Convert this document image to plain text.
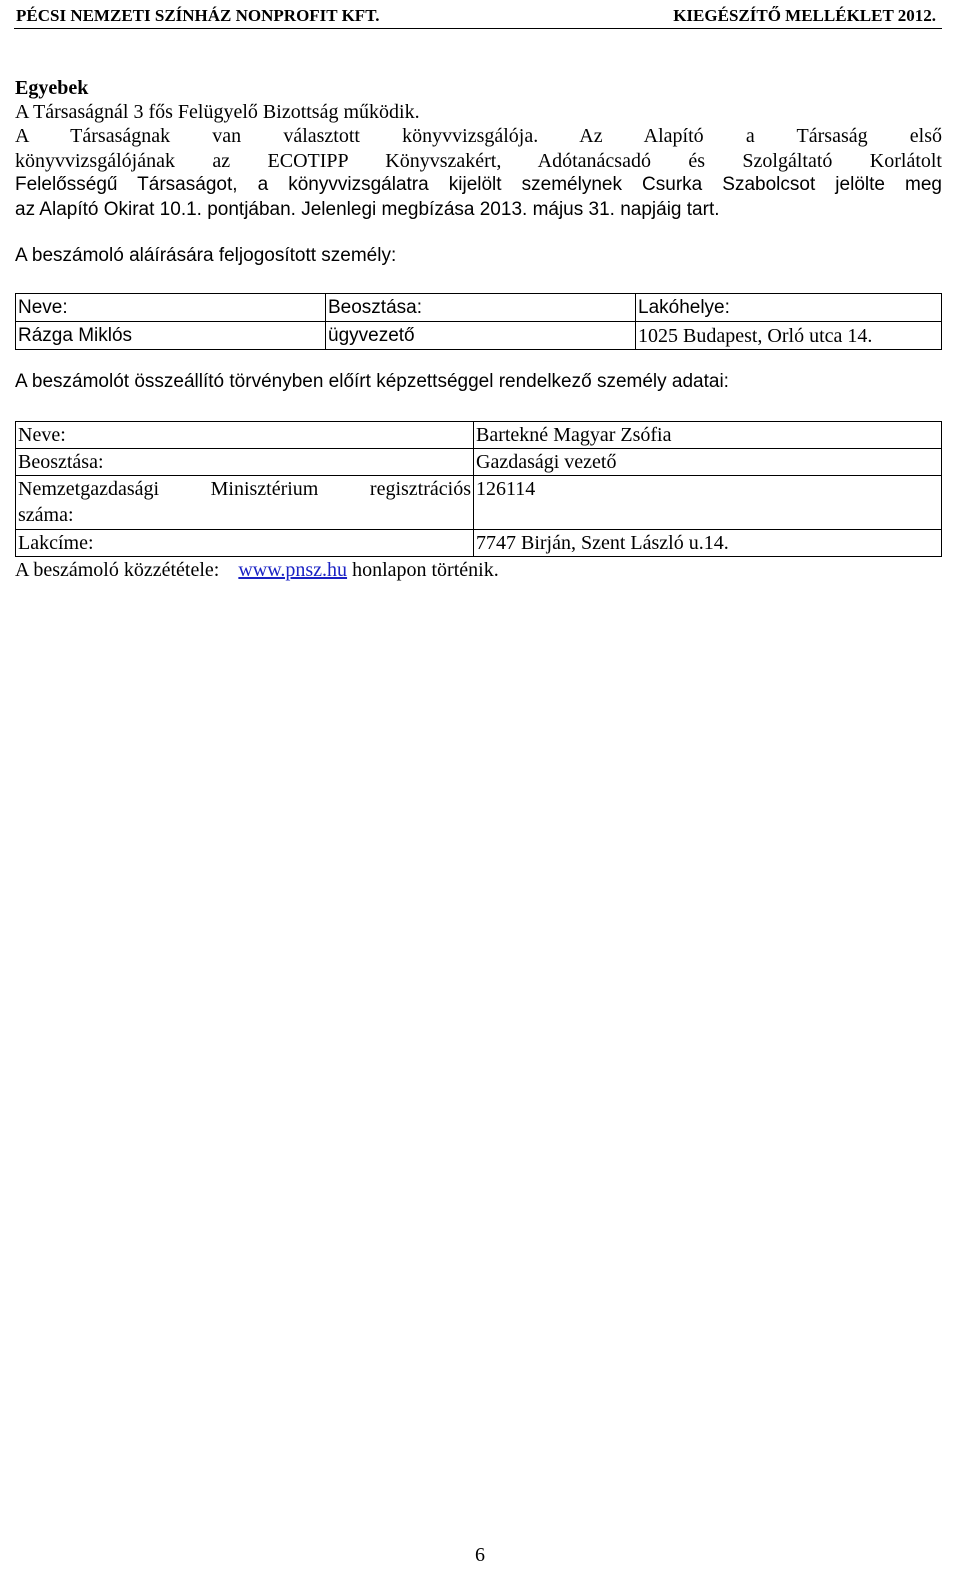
PÉCSI NEMZETI SZÍNHÁZ NONPROFIT KFT.	KIEGÉSZÍTŐ MELLÉKLET 2012.
Egyebek
A Társaságnál 3 fős Felügyelő Bizottság működik.
A Társaságnak van választott könyvvizsgálója. Az Alapító a Társaság első
könyvvizsgálójának az ECOTIPP Könyvszakért, Adótanácsadó és Szolgáltató Korlátolt
Felelősségű Társaságot, a könyvvizsgálatra kijelölt személynek Csurka Szabolcsot jelölte meg
az Alapító Okirat 10.1. pontjában. Jelenlegi megbízása 2013. május 31. napjáig tart.
A beszámoló aláírására feljogosított személy:
Neve:	Beosztása:	Lakóhelye:
Rázga Miklós	ügyvezető	1025 Budapest, Orló utca 14.
A beszámolót összeállító törvényben előírt képzettséggel rendelkező személy adatai:
Neve:	Bartekné Magyar Zsófia
Beosztása:	Gazdasági vezető

Nemzetgazdasági Minisztérium regisztrációs
száma:	126114
Lakcíme:	7747 Birján, Szent László u.14.
A beszámoló közzététele: www.pnsz.hu honlapon történik.
6
